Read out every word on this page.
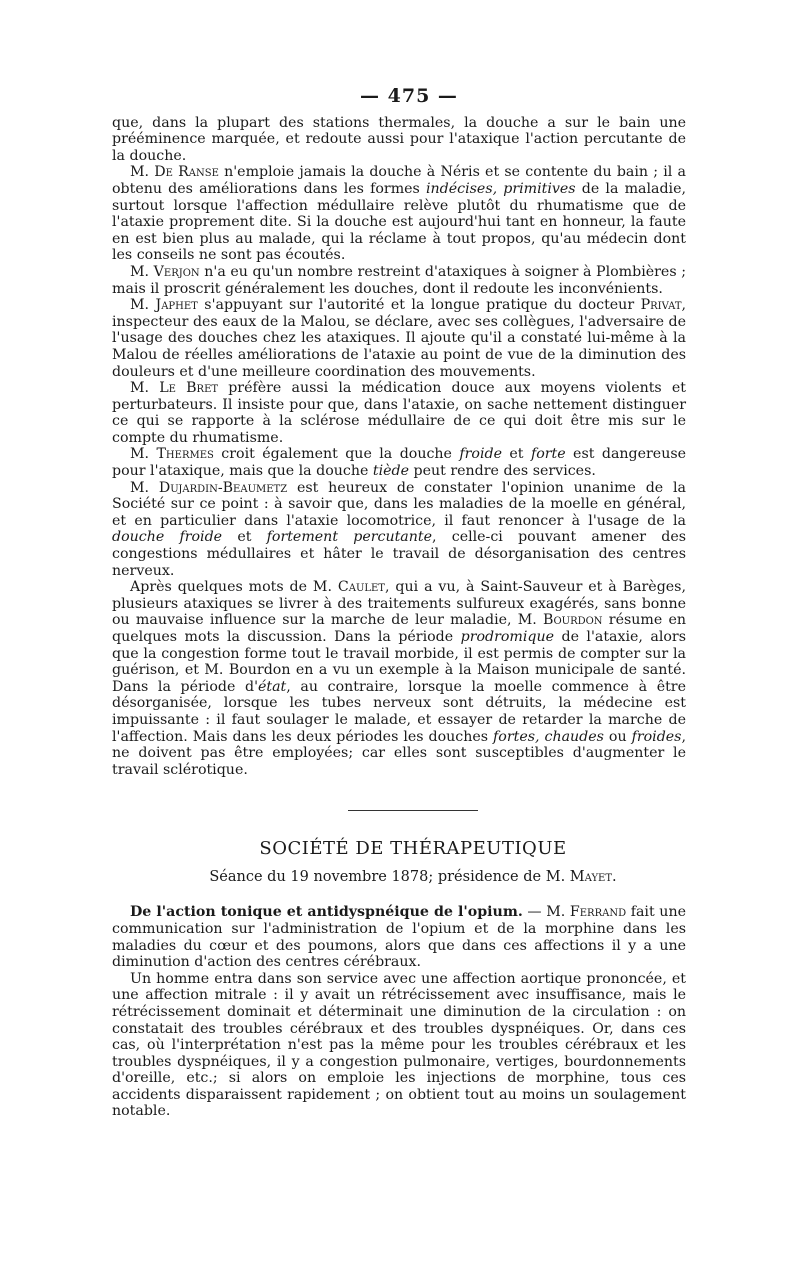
— 475 —

que, dans la plupart des stations thermales, la douche a sur le bain une prééminence marquée, et redoute aussi pour l'ataxique l'action percutante de la douche.

M. De Ranse n'emploie jamais la douche à Néris et se contente du bain ; il a obtenu des améliorations dans les formes indécises, primitives de la maladie, surtout lorsque l'affection médullaire relève plutôt du rhumatisme que de l'ataxie proprement dite. Si la douche est aujourd'hui tant en honneur, la faute en est bien plus au malade, qui la réclame à tout propos, qu'au médecin dont les conseils ne sont pas écoutés.

M. Verjon n'a eu qu'un nombre restreint d'ataxiques à soigner à Plombières ; mais il proscrit généralement les douches, dont il redoute les inconvénients.

M. Japhet s'appuyant sur l'autorité et la longue pratique du docteur Privat, inspecteur des eaux de la Malou, se déclare, avec ses collègues, l'adversaire de l'usage des douches chez les ataxiques. Il ajoute qu'il a constaté lui-même à la Malou de réelles améliorations de l'ataxie au point de vue de la diminution des douleurs et d'une meilleure coordination des mouvements.

M. Le Bret préfère aussi la médication douce aux moyens violents et perturbateurs. Il insiste pour que, dans l'ataxie, on sache nettement distinguer ce qui se rapporte à la sclérose médullaire de ce qui doit être mis sur le compte du rhumatisme.

M. Thermes croit également que la douche froide et forte est dangereuse pour l'ataxique, mais que la douche tiède peut rendre des services.

M. Dujardin-Beaumetz est heureux de constater l'opinion unanime de la Société sur ce point : à savoir que, dans les maladies de la moelle en général, et en particulier dans l'ataxie locomotrice, il faut renoncer à l'usage de la douche froide et fortement percutante, celle-ci pouvant amener des congestions médullaires et hâter le travail de désorganisation des centres nerveux.

Après quelques mots de M. Caulet, qui a vu, à Saint-Sauveur et à Barèges, plusieurs ataxiques se livrer à des traitements sulfureux exagérés, sans bonne ou mauvaise influence sur la marche de leur maladie, M. Bourdon résume en quelques mots la discussion. Dans la période prodromique de l'ataxie, alors que la congestion forme tout le travail morbide, il est permis de compter sur la guérison, et M. Bourdon en a vu un exemple à la Maison municipale de santé. Dans la période d'état, au contraire, lorsque la moelle commence à être désorganisée, lorsque les tubes nerveux sont détruits, la médecine est impuissante : il faut soulager le malade, et essayer de retarder la marche de l'affection. Mais dans les deux périodes les douches fortes, chaudes ou froides, ne doivent pas être employées; car elles sont susceptibles d'augmenter le travail sclérotique.

SOCIÉTÉ DE THÉRAPEUTIQUE
Séance du 19 novembre 1878; présidence de M. Mayet.

De l'action tonique et antidyspnéique de l'opium. — M. Ferrand fait une communication sur l'administration de l'opium et de la morphine dans les maladies du cœur et des poumons, alors que dans ces affections il y a une diminution d'action des centres cérébraux.

Un homme entra dans son service avec une affection aortique prononcée, et une affection mitrale : il y avait un rétrécissement avec insuffisance, mais le rétrécissement dominait et déterminait une diminution de la circulation : on constatait des troubles cérébraux et des troubles dyspnéiques. Or, dans ces cas, où l'interprétation n'est pas la même pour les troubles cérébraux et les troubles dyspnéiques, il y a congestion pulmonaire, vertiges, bourdonnements d'oreille, etc.; si alors on emploie les injections de morphine, tous ces accidents disparaissent rapidement ; on obtient tout au moins un soulagement notable.
